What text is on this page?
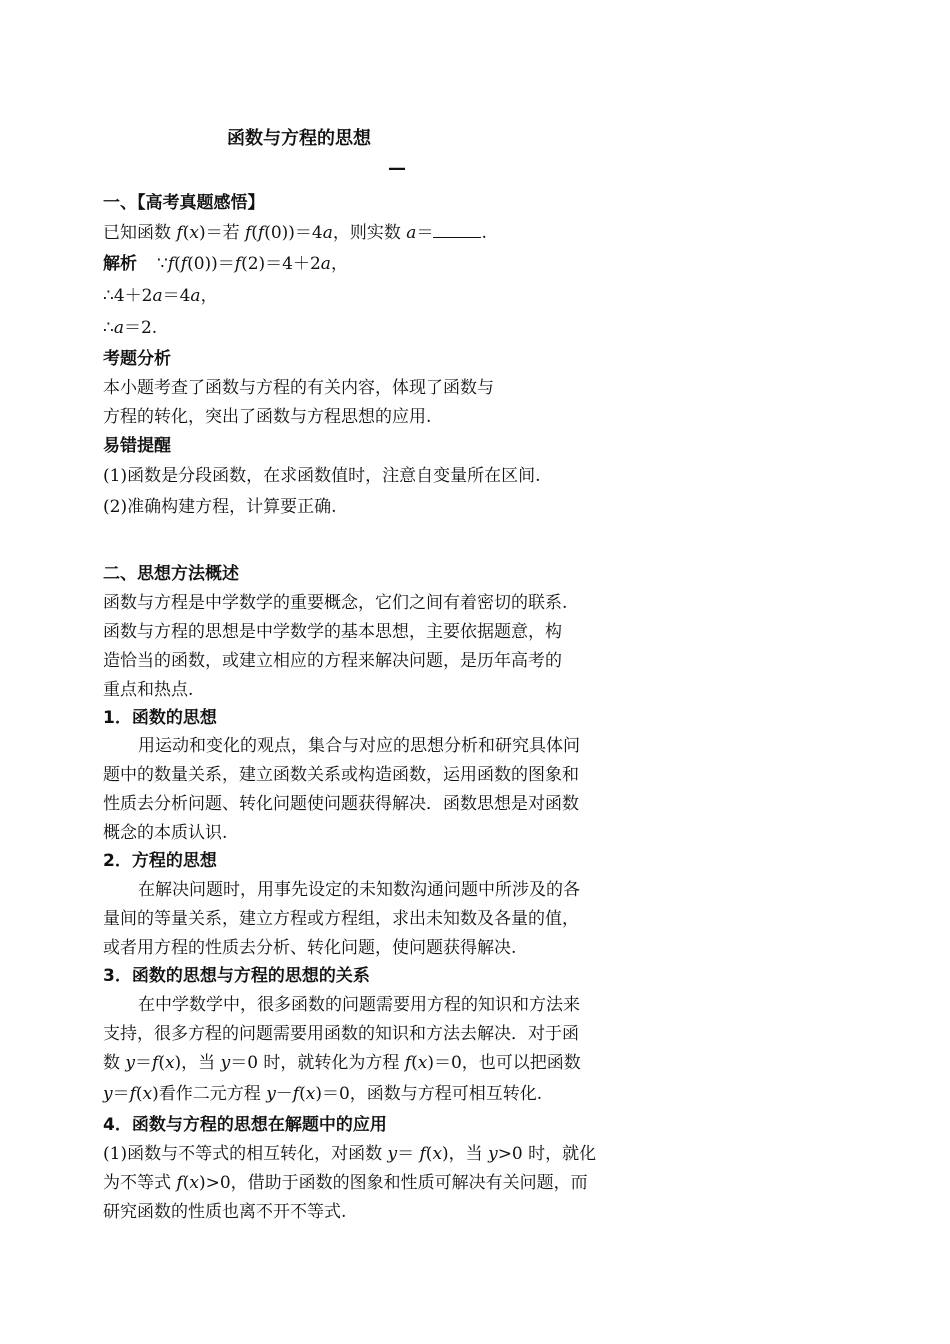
函数与方程的思想
—
一、【高考真题感悟】
已知函数 f(x)＝若 f(f(0))＝4a，则实数 a＝	.
解析 ∵f(f(0))＝f(2)＝4＋2a，
∴4＋2a＝4a，
∴a＝2.
考题分析
本小题考查了函数与方程的有关内容，体现了函数与
方程的转化，突出了函数与方程思想的应用.
易错提醒
(1)函数是分段函数，在求函数值时，注意自变量所在区间.
(2)准确构建方程，计算要正确.
二、思想方法概述
函数与方程是中学数学的重要概念，它们之间有着密切的联系.
函数与方程的思想是中学数学的基本思想，主要依据题意，构
造恰当的函数，或建立相应的方程来解决问题，是历年高考的
重点和热点.
1．函数的思想
用运动和变化的观点，集合与对应的思想分析和研究具体问
题中的数量关系，建立函数关系或构造函数，运用函数的图象和
性质去分析问题、转化问题使问题获得解决．函数思想是对函数
概念的本质认识.
2．方程的思想
在解决问题时，用事先设定的未知数沟通问题中所涉及的各
量间的等量关系，建立方程或方程组，求出未知数及各量的值，
或者用方程的性质去分析、转化问题，使问题获得解决.
3．函数的思想与方程的思想的关系
在中学数学中，很多函数的问题需要用方程的知识和方法来
支持，很多方程的问题需要用函数的知识和方法去解决．对于函
数 y＝f(x)，当 y＝0 时，就转化为方程 f(x)＝0，也可以把函数
y＝f(x)看作二元方程 y－f(x)＝0，函数与方程可相互转化.
4．函数与方程的思想在解题中的应用
(1)函数与不等式的相互转化，对函数 y＝ f(x)，当 y>0 时，就化
为不等式 f(x)>0，借助于函数的图象和性质可解决有关问题，而
研究函数的性质也离不开不等式.
